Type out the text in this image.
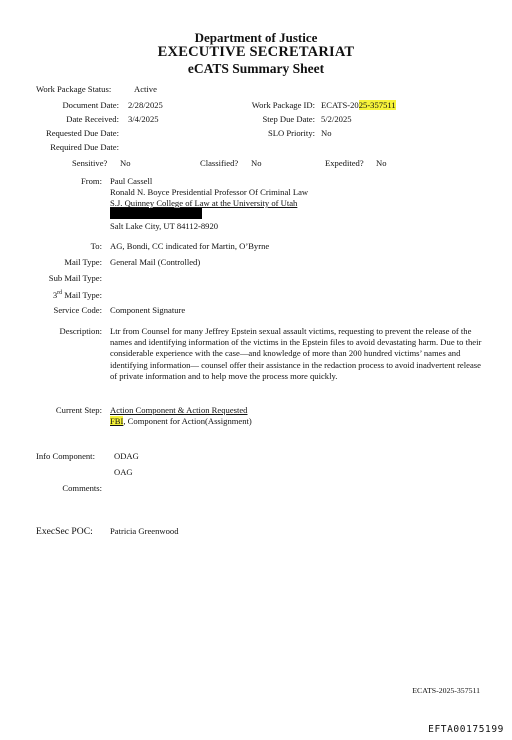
Department of Justice
EXECUTIVE SECRETARIAT
eCATS Summary Sheet
Work Package Status:	Active
Document Date: 2/28/2025
Date Received: 3/4/2025
Requested Due Date:
Required Due Date:
Work Package ID: ECATS-2025-357511
Step Due Date: 5/2/2025
SLO Priority: No
Sensitive? No	Classified? No	Expedited? No
From: Paul Cassell
Ronald N. Boyce Presidential Professor Of Criminal Law
S.J. Quinney College of Law at the University of Utah
Salt Lake City, UT 84112-8920
To: AG, Bondi, CC indicated for Martin, O’Byrne
Mail Type: General Mail (Controlled)
Sub Mail Type:
3rd Mail Type:
Service Code: Component Signature
Description: Ltr from Counsel for many Jeffrey Epstein sexual assault victims, requesting to prevent the release of the names and identifying information of the victims in the Epstein files to avoid devastating harm. Due to their considerable experience with the case—and knowledge of more than 200 hundred victims’ names and identifying information— counsel offer their assistance in the redaction process to avoid inadvertent release of private information and to help move the process more quickly.
Current Step: Action Component & Action Requested
FBI, Component for Action(Assignment)
Info Component: ODAG
OAG
Comments:
ExecSec POC: Patricia Greenwood
ECATS-2025-357511
EFTA00175199
